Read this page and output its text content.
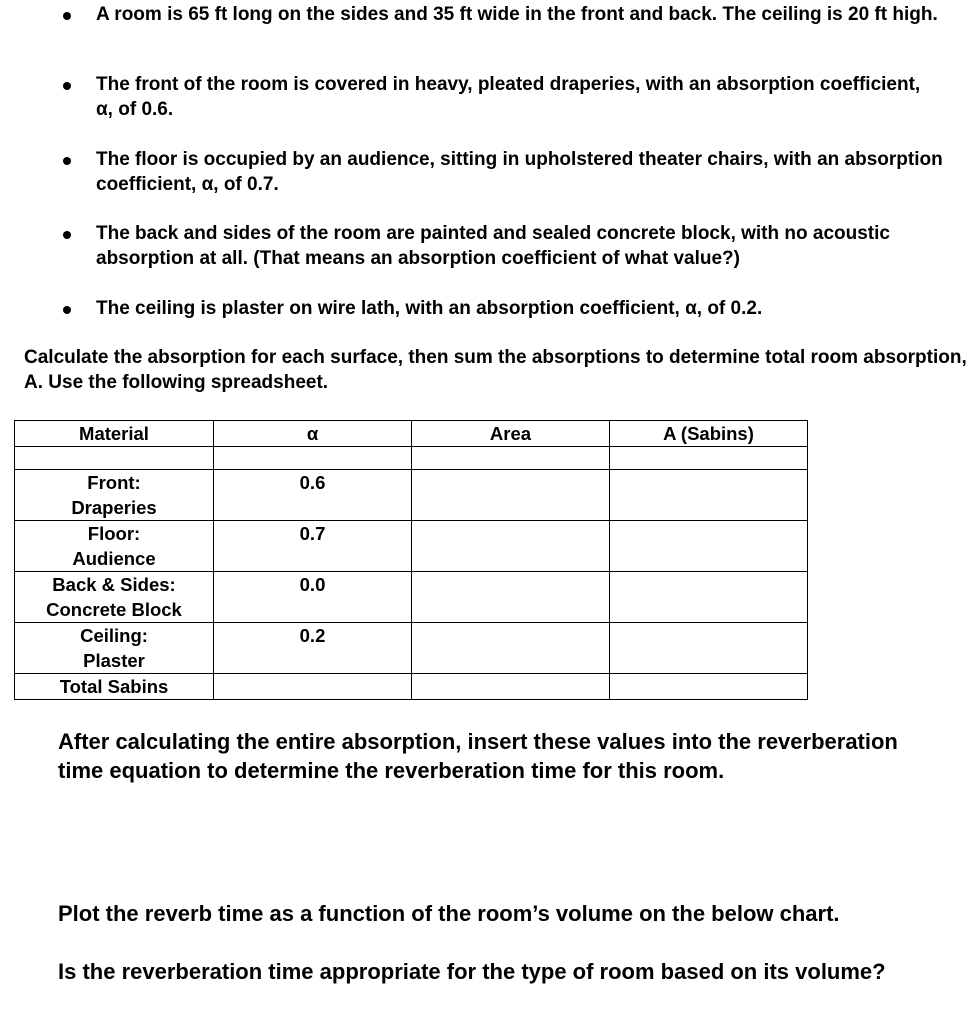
A room is 65 ft long on the sides and 35 ft wide in the front and back. The ceiling is 20 ft high.
The front of the room is covered in heavy, pleated draperies, with an absorption coefficient, α, of 0.6.
The floor is occupied by an audience, sitting in upholstered theater chairs, with an absorption coefficient, α, of 0.7.
The back and sides of the room are painted and sealed concrete block, with no acoustic absorption at all. (That means an absorption coefficient of what value?)
The ceiling is plaster on wire lath, with an absorption coefficient, α, of 0.2.
Calculate the absorption for each surface, then sum the absorptions to determine total room absorption, A. Use the following spreadsheet.
Material	α	Area	A (Sabins)

Front:
Draperies	0.6		

Floor:
Audience	0.7		

Back & Sides:
Concrete Block	0.0		

Ceiling:
Plaster	0.2		
Total Sabins			
After calculating the entire absorption, insert these values into the reverberation time equation to determine the reverberation time for this room.
Plot the reverb time as a function of the room’s volume on the below chart.
Is the reverberation time appropriate for the type of room based on its volume?
